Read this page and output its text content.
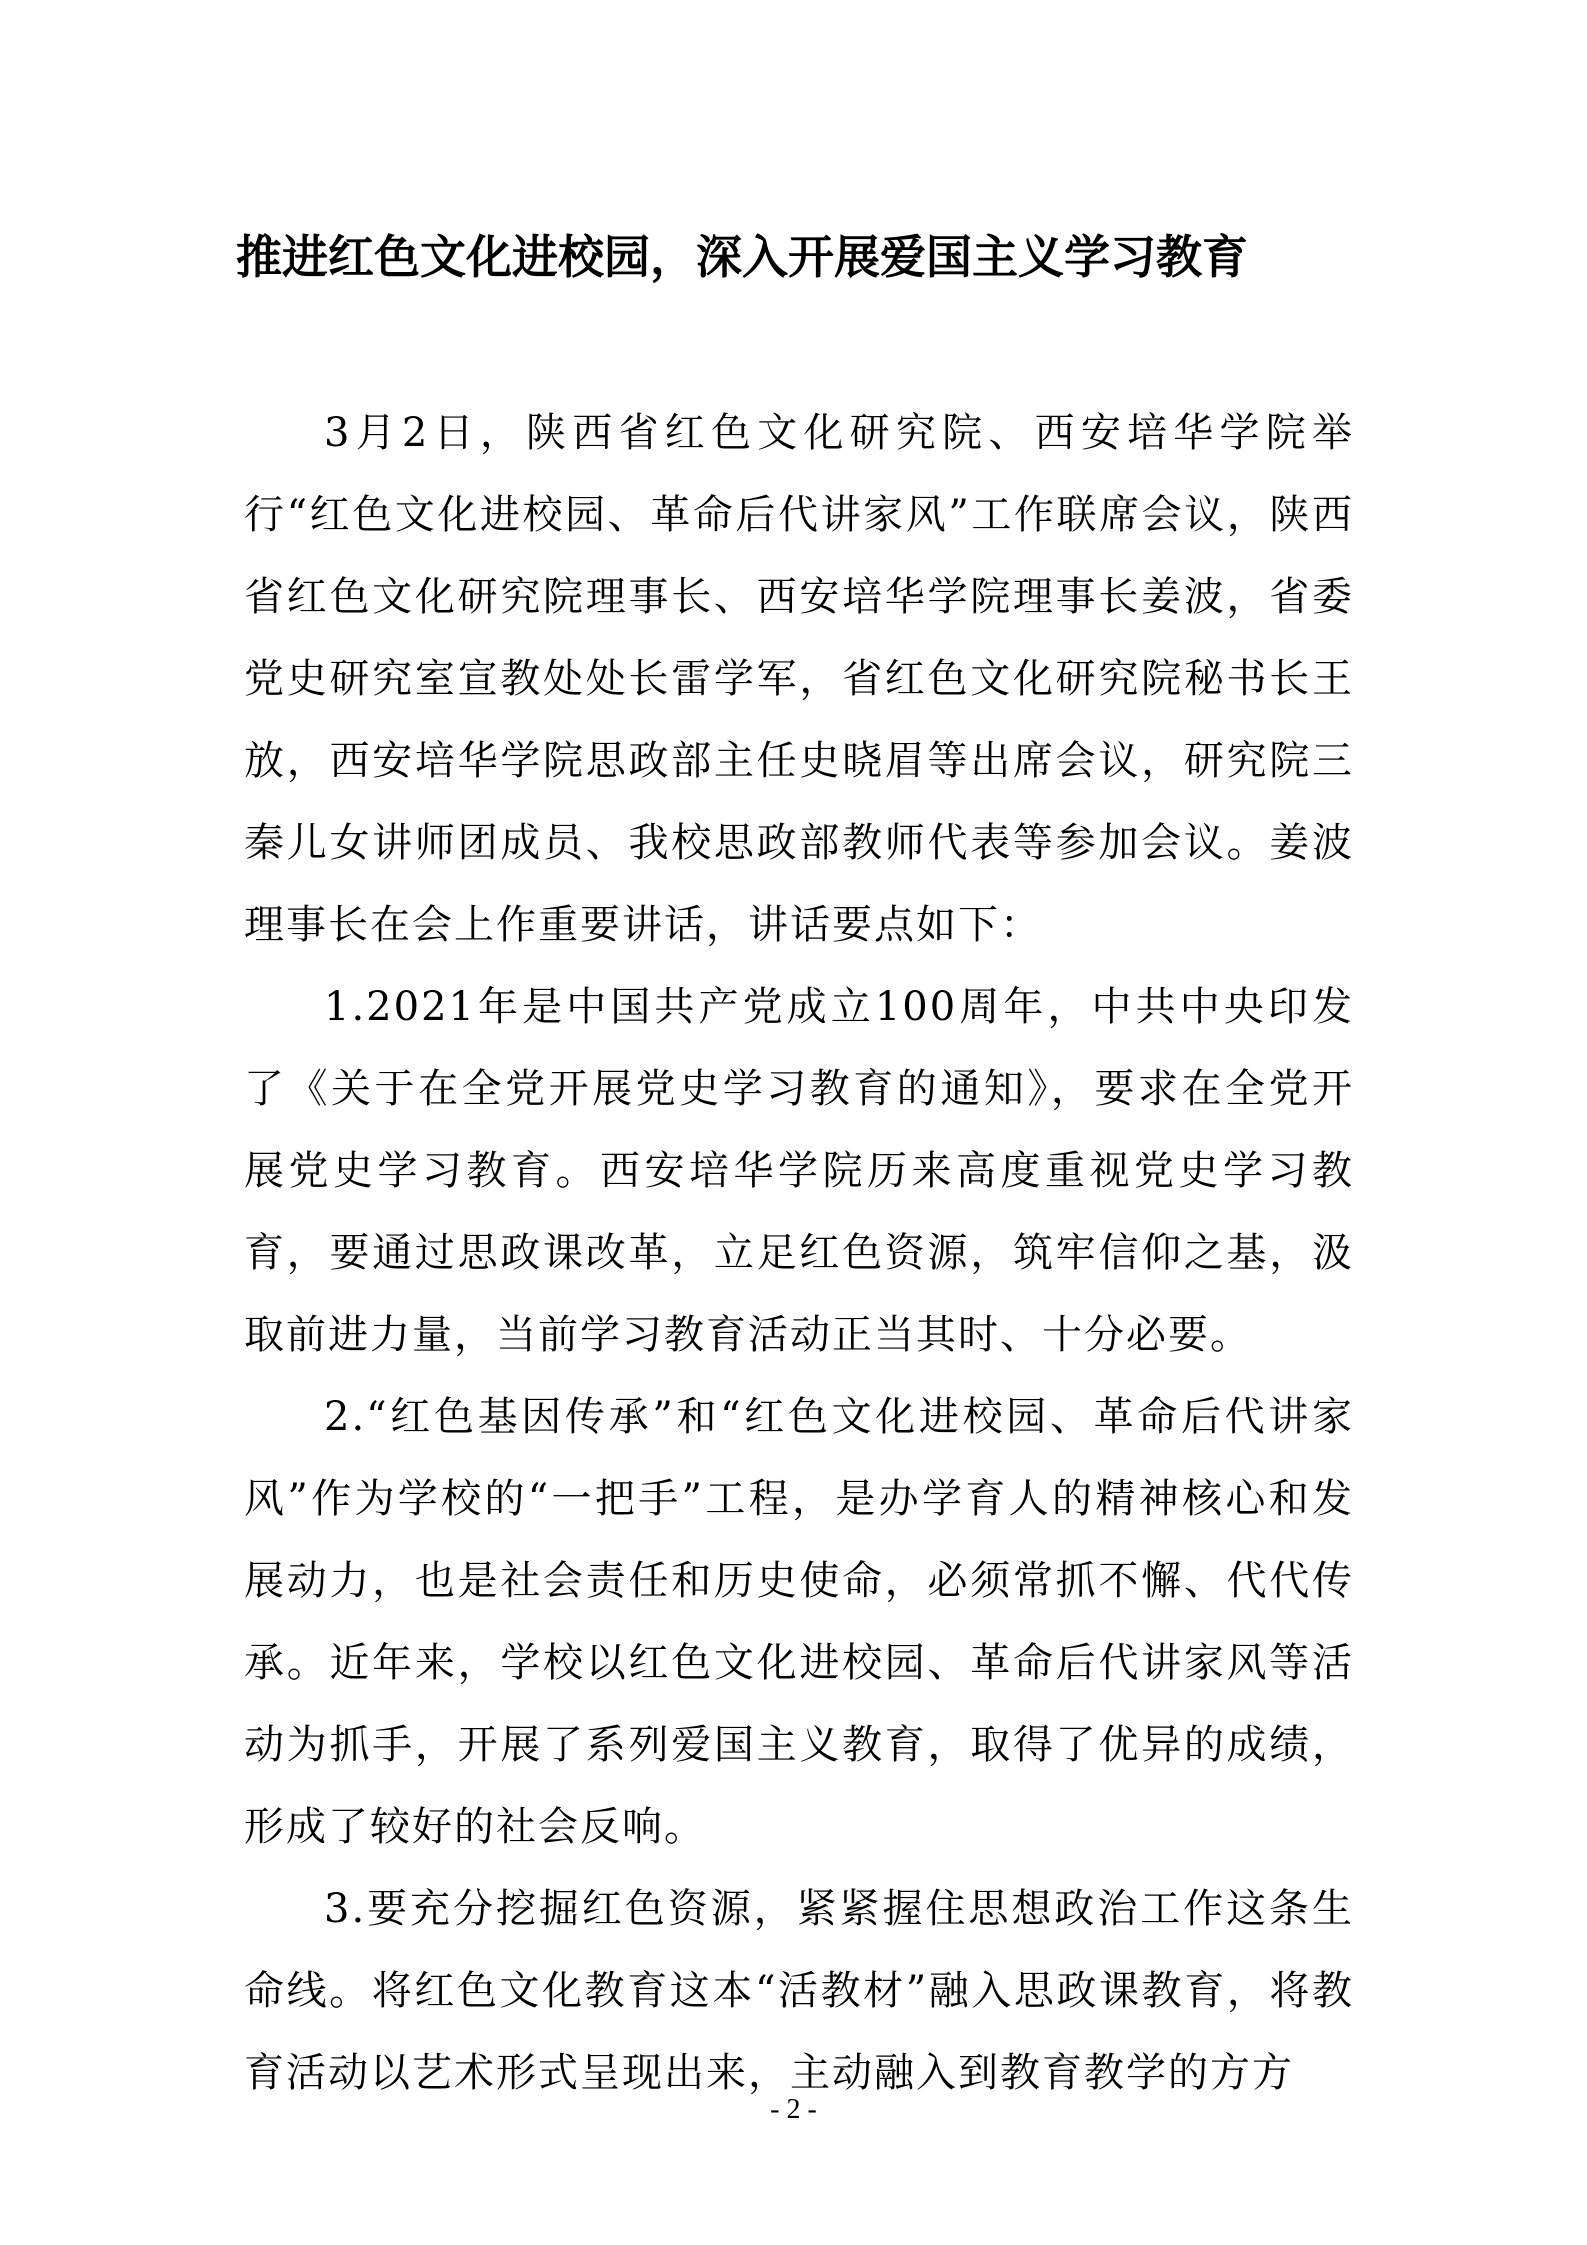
推进红色文化进校园，深入开展爱国主义学习教育

3月2日，陕西省红色文化研究院、西安培华学院举行“红色文化进校园、革命后代讲家风”工作联席会议，陕西省红色文化研究院理事长、西安培华学院理事长姜波，省委党史研究室宣教处处长雷学军，省红色文化研究院秘书长王放，西安培华学院思政部主任史晓眉等出席会议，研究院三秦儿女讲师团成员、我校思政部教师代表等参加会议。姜波理事长在会上作重要讲话，讲话要点如下：

1.2021年是中国共产党成立100周年，中共中央印发了《关于在全党开展党史学习教育的通知》，要求在全党开展党史学习教育。西安培华学院历来高度重视党史学习教育，要通过思政课改革，立足红色资源，筑牢信仰之基，汲取前进力量，当前学习教育活动正当其时、十分必要。

2.“红色基因传承”和“红色文化进校园、革命后代讲家风”作为学校的“一把手”工程，是办学育人的精神核心和发展动力，也是社会责任和历史使命，必须常抓不懈、代代传承。近年来，学校以红色文化进校园、革命后代讲家风等活动为抓手，开展了系列爱国主义教育，取得了优异的成绩，形成了较好的社会反响。

3.要充分挖掘红色资源，紧紧握住思想政治工作这条生命线。将红色文化教育这本“活教材”融入思政课教育，将教育活动以艺术形式呈现出来，主动融入到教育教学的方方

- 2 -
